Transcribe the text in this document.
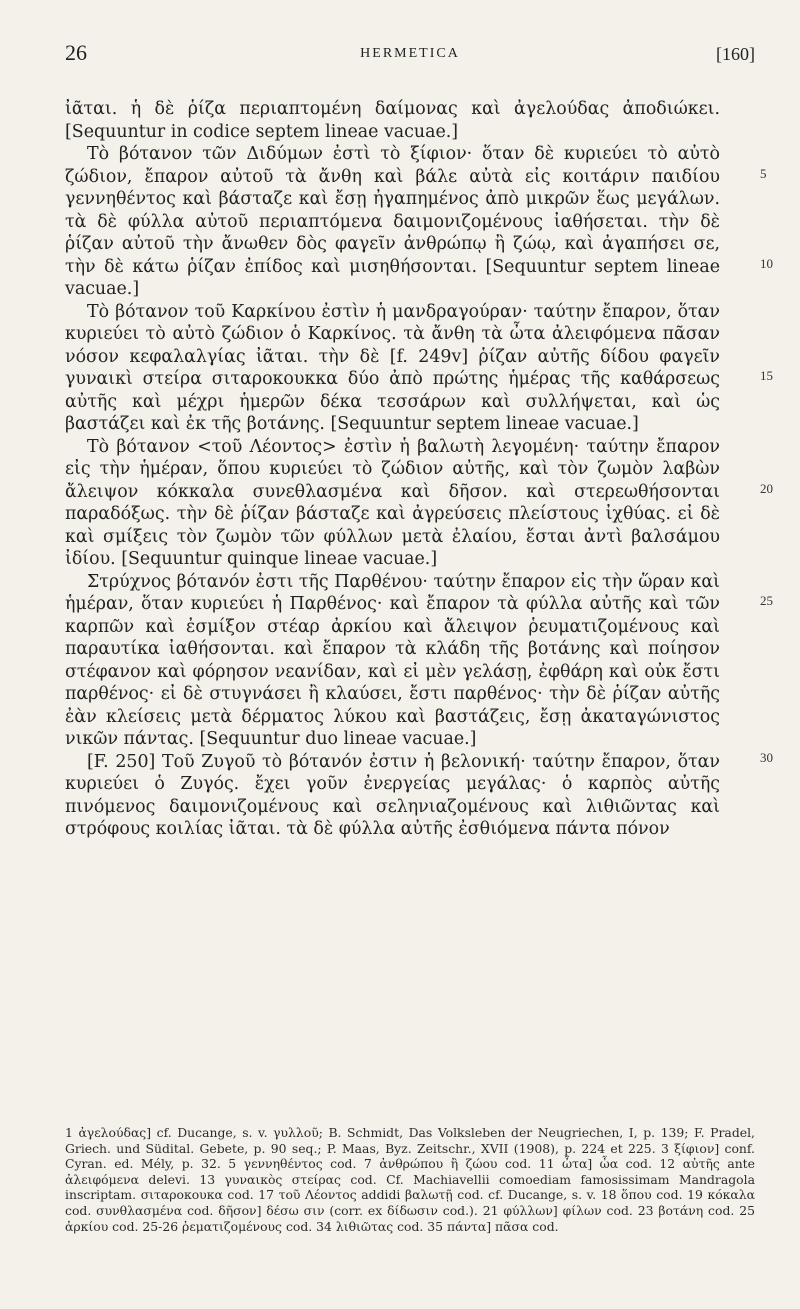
26	HERMETICA	[160]

ἰᾶται. ἡ δὲ ῥίζα περιαπτομένη δαίμονας καὶ ἀγελούδας ἀποδιώκει. [Sequuntur in codice septem lineae vacuae.]

Τὸ βότανον τῶν Διδύμων ἐστὶ τὸ ξίφιον· ὅταν δὲ κυριεύει τὸ αὐτὸ ζώδιον, ἔπαρον αὐτοῦ τὰ ἄνθη καὶ βάλε αὐτὰ εἰς κοιτάριν παιδίου γεννηθέντος καὶ βάσταζε καὶ ἔσῃ ἠγαπημένος ἀπὸ μικρῶν ἕως μεγάλων. τὰ δὲ φύλλα αὐτοῦ περιαπτόμενα δαιμονιζομένους ἰαθήσεται. τὴν δὲ ῥίζαν αὐτοῦ τὴν ἄνωθεν δὸς φαγεῖν ἀνθρώπῳ ἢ ζώῳ, καὶ ἀγαπήσει σε, τὴν δὲ κάτω ῥίζαν ἐπίδος καὶ μισηθήσονται. [Sequuntur septem lineae vacuae.]

Τὸ βότανον τοῦ Καρκίνου ἐστὶν ἡ μανδραγούραν· ταύτην ἔπαρον, ὅταν κυριεύει τὸ αὐτὸ ζώδιον ὁ Καρκίνος. τὰ ἄνθη τὰ ὦτα ἀλειφόμενα πᾶσαν νόσον κεφαλαλγίας ἰᾶται. τὴν δὲ [f. 249v] ῥίζαν αὐτῆς δίδου φαγεῖν γυναικὶ στείρα σιταροκουκκα δύο ἀπὸ πρώτης ἡμέρας τῆς καθάρσεως αὐτῆς καὶ μέχρι ἡμερῶν δέκα τεσσάρων καὶ συλλήψεται, καὶ ὡς βαστάζει καὶ ἐκ τῆς βοτάνης. [Sequuntur septem lineae vacuae.]

Τὸ βότανον <τοῦ Λέοντος> ἐστὶν ἡ βαλωτὴ λεγομένη· ταύτην ἔπαρον εἰς τὴν ἡμέραν, ὅπου κυριεύει τὸ ζώδιον αὐτῆς, καὶ τὸν ζωμὸν λαβὼν ἄλειψον κόκκαλα συνεθλασμένα καὶ δῆσον. καὶ στερεωθήσονται παραδόξως. τὴν δὲ ῥίζαν βάσταζε καὶ ἀγρεύσεις πλείστους ἰχθύας. εἰ δὲ καὶ σμίξεις τὸν ζωμὸν τῶν φύλλων μετὰ ἐλαίου, ἔσται ἀντὶ βαλσάμου ἰδίου. [Sequuntur quinque lineae vacuae.]

Στρύχνος βότανόν ἐστι τῆς Παρθένου· ταύτην ἔπαρον εἰς τὴν ὥραν καὶ ἡμέραν, ὅταν κυριεύει ἡ Παρθένος· καὶ ἔπαρον τὰ φύλλα αὐτῆς καὶ τῶν καρπῶν καὶ ἐσμίξον στέαρ ἀρκίου καὶ ἄλειψον ῥευματιζομένους καὶ παραυτίκα ἰαθήσονται. καὶ ἔπαρον τὰ κλάδη τῆς βοτάνης καὶ ποίησον στέφανον καὶ φόρησον νεανίδαν, καὶ εἰ μὲν γελάσῃ, ἐφθάρη καὶ οὐκ ἔστι παρθένος· εἰ δὲ στυγνάσει ἢ κλαύσει, ἔστι παρθένος· τὴν δὲ ῥίζαν αὐτῆς ἐὰν κλείσεις μετὰ δέρματος λύκου καὶ βαστάζεις, ἔσῃ ἀκαταγώνιστος νικῶν πάντας. [Sequuntur duo lineae vacuae.]

[F. 250] Τοῦ Ζυγοῦ τὸ βότανόν ἐστιν ἡ βελονική· ταύτην ἔπαρον, ὅταν κυριεύει ὁ Ζυγός. ἔχει γοῦν ἐνεργείας μεγάλας· ὁ καρπὸς αὐτῆς πινόμενος δαιμονιζομένους καὶ σεληνιαζομένους καὶ λιθιῶντας καὶ στρόφους κοιλίας ἰᾶται. τὰ δὲ φύλλα αὐτῆς ἐσθιόμενα πάντα πόνον

5
10
15
20
25
30

1 ἀγελούδας] cf. Ducange, s. v. γυλλοῦ; B. Schmidt, Das Volksleben der Neugriechen, I, p. 139; F. Pradel, Griech. und Südital. Gebete, p. 90 seq.; P. Maas, Byz. Zeitschr., XVII (1908), p. 224 et 225. 3 ξίφιον] conf. Cyran. ed. Mély, p. 32. 5 γεννηθέντος cod. 7 ἀνθρώπου ἢ ζώου cod. 11 ὦτα] ὦα cod. 12 αὐτῆς ante ἀλειφόμενα delevi. 13 γυναικὸς στείρας cod. Cf. Machiavellii comoediam famosissimam Mandragola inscriptam. σιταροκουκα cod. 17 τοῦ Λέοντος addidi βαλωτῇ cod. cf. Ducange, s. v. 18 ὅπου cod. 19 κόκαλα cod. συνθλασμένα cod. δῆσον] δέσω σιν (corr. ex δίδωσιν cod.). 21 φύλλων] φίλων cod. 23 βοτάνη cod. 25 ἀρκίου cod. 25-26 ῥεματιζομένους cod. 34 λιθιῶτας cod. 35 πάντα] πᾶσα cod.
